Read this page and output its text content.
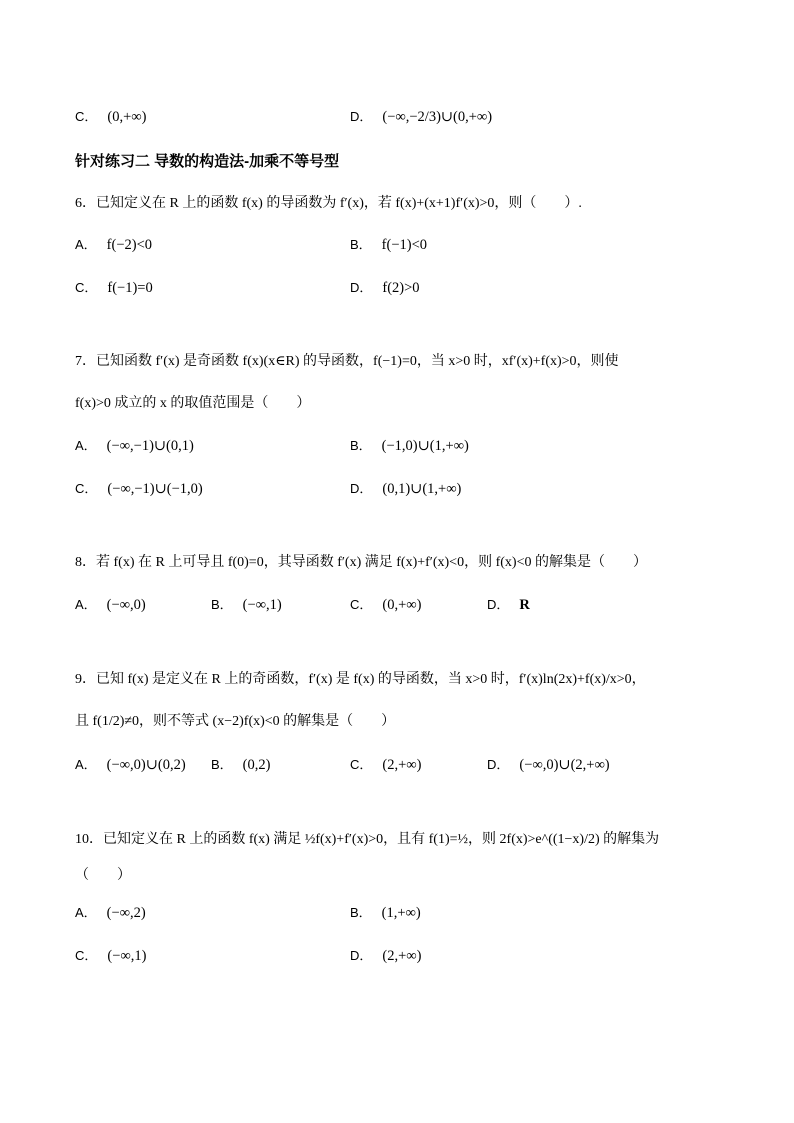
C． (0,+∞)	D． (−∞,−2/3)∪(0,+∞)
针对练习二 导数的构造法-加乘不等号型
6．已知定义在 R 上的函数 f(x) 的导函数为 f′(x)，若 f(x)+(x+1)f′(x)>0，则（　　）.
A． f(−2)<0	B． f(−1)<0
C． f(−1)=0	D． f(2)>0
7．已知函数 f′(x) 是奇函数 f(x)(x∈R) 的导函数，f(−1)=0，当 x>0 时，xf′(x)+f(x)>0，则使
f(x)>0 成立的 x 的取值范围是（　　）
A． (−∞,−1)∪(0,1)	B． (−1,0)∪(1,+∞)
C． (−∞,−1)∪(−1,0)	D． (0,1)∪(1,+∞)
8．若 f(x) 在 R 上可导且 f(0)=0，其导函数 f′(x) 满足 f(x)+f′(x)<0，则 f(x)<0 的解集是（　　）
A． (−∞,0)	B． (−∞,1)	C． (0,+∞)	D． R
9．已知 f(x) 是定义在 R 上的奇函数，f′(x) 是 f(x) 的导函数，当 x>0 时，f′(x)ln(2x)+f(x)/x>0，
且 f(1/2)≠0，则不等式 (x−2)f(x)<0 的解集是（　　）
A． (−∞,0)∪(0,2) B． (0,2)	C． (2,+∞)	D． (−∞,0)∪(2,+∞)
10．已知定义在 R 上的函数 f(x) 满足 ½f(x)+f′(x)>0，且有 f(1)=½，则 2f(x)>e^((1−x)/2) 的解集为
（　　）
A． (−∞,2)	B． (1,+∞)
C． (−∞,1)	D． (2,+∞)
